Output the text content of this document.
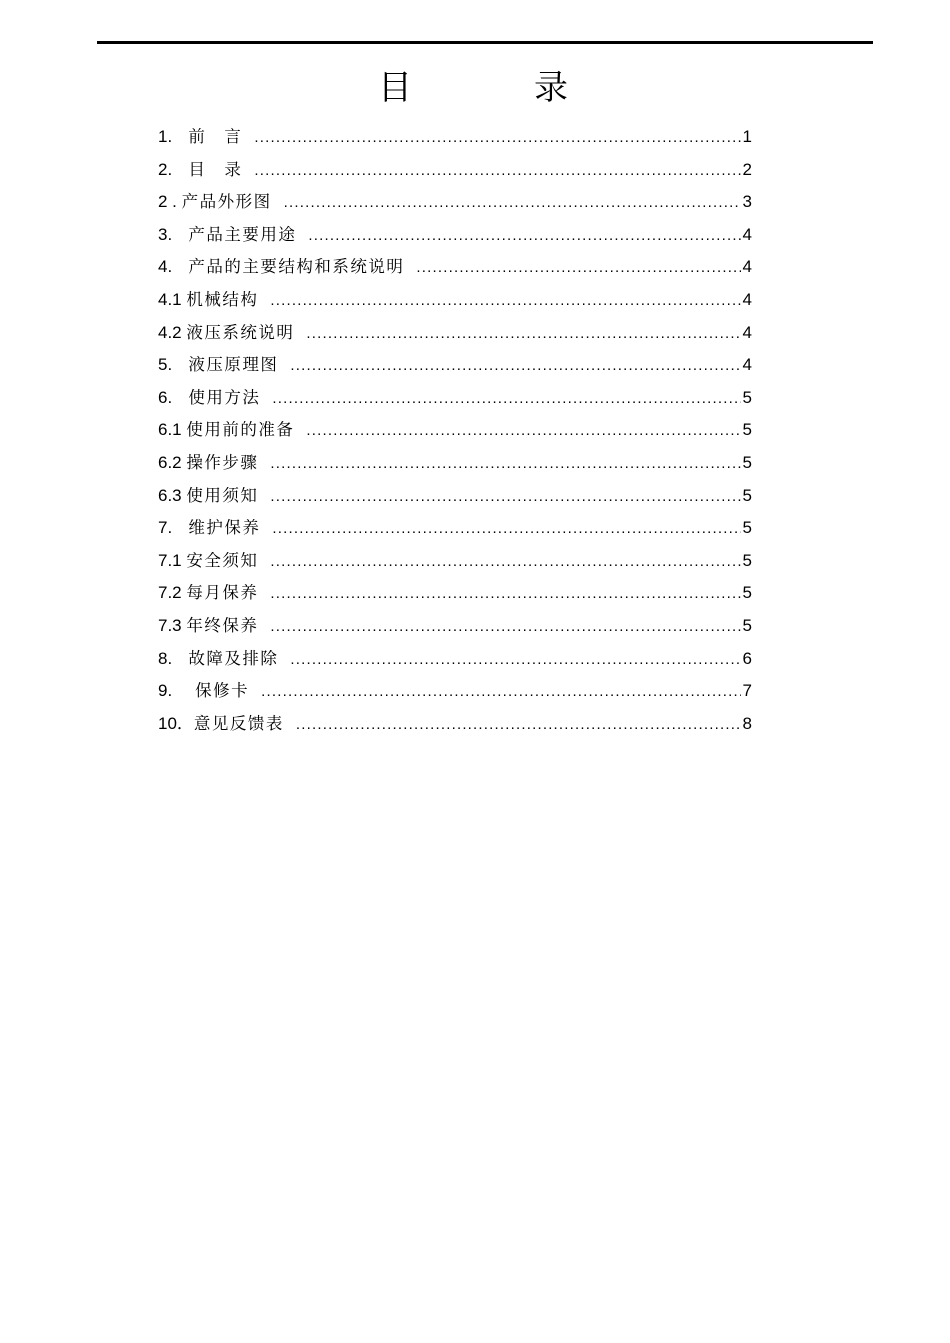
目　录
1.   前　言 .....	1
2.   目　录 .....	2
2 . 产品外形图 .....	3
3.   产品主要用途 .....	4
4.   产品的主要结构和系统说明 .....	4
4.1 机械结构 .....	4
4.2 液压系统说明 .....	4
5.   液压原理图 .....	4
6.   使用方法 .....	5
6.1 使用前的准备 .....	5
6.2 操作步骤 .....	5
6.3 使用须知 .....	5
7.   维护保养 .....	5
7.1 安全须知 .....	5
7.2 每月保养 .....	5
7.3 年终保养 .....	5
8.   故障及排除 .....	6
9.    保修卡 .....	7
10．意见反馈表 .....	8
